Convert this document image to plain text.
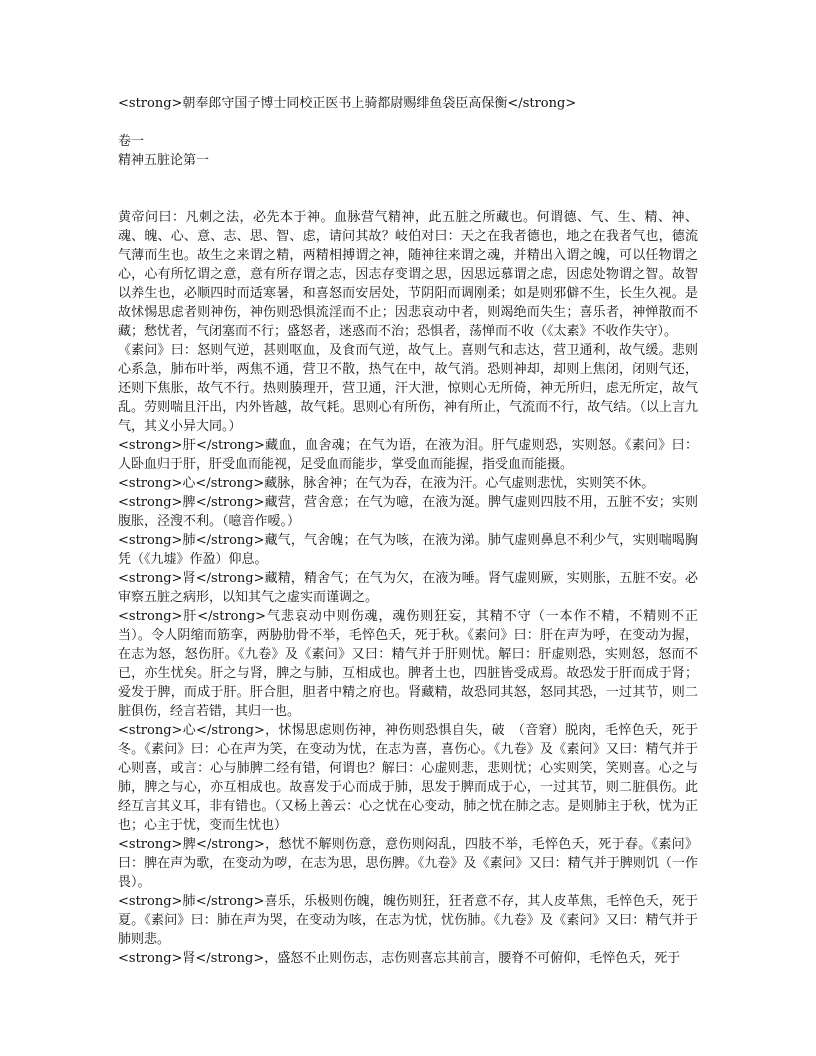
<strong>朝奉郎守国子博士同校正医书上骑都尉赐绯鱼袋臣高保衡</strong>

卷一

精神五脏论第一

黄帝问曰：凡刺之法，必先本于神。血脉营气精神，此五脏之所藏也。何谓德、气、生、精、神、魂、魄、心、意、志、思、智、虑，请问其故？岐伯对曰：天之在我者德也，地之在我者气也，德流气薄而生也。故生之来谓之精，两精相搏谓之神，随神往来谓之魂，并精出入谓之魄，可以任物谓之心，心有所忆谓之意，意有所存谓之志，因志存变谓之思，因思远慕谓之虑，因虑处物谓之智。故智以养生也，必顺四时而适寒暑，和喜怒而安居处，节阴阳而调刚柔；如是则邪僻不生，长生久视。是故怵惕思虑者则神伤，神伤则恐惧流淫而不止；因悲哀动中者，则竭绝而失生；喜乐者，神惮散而不藏；愁忧者，气闭塞而不行；盛怒者，迷惑而不治；恐惧者，荡惮而不收（《太素》不收作失守）。

《素问》曰：怒则气逆，甚则呕血，及食而气逆，故气上。喜则气和志达，营卫通利，故气缓。悲则心系急，肺布叶举，两焦不通，营卫不散，热气在中，故气消。恐则神却，却则上焦闭，闭则气还，还则下焦胀，故气不行。热则腠理开，营卫通，汗大泄，惊则心无所倚，神无所归，虑无所定，故气乱。劳则喘且汗出，内外皆越，故气耗。思则心有所伤，神有所止，气流而不行，故气结。（以上言九气，其义小异大同。）

<strong>肝</strong>藏血，血舍魂；在气为语，在液为泪。肝气虚则恐，实则怒。《素问》曰：人卧血归于肝，肝受血而能视，足受血而能步，掌受血而能握，指受血而能摄。

<strong>心</strong>藏脉，脉舍神；在气为吞，在液为汗。心气虚则悲忧，实则笑不休。

<strong>脾</strong>藏营，营舍意；在气为噫，在液为涎。脾气虚则四肢不用，五脏不安；实则腹胀，泾溲不利。（噫音作嗳。）

<strong>肺</strong>藏气，气舍魄；在气为咳，在液为涕。肺气虚则鼻息不利少气，实则喘喝胸凭（《九墟》作盈）仰息。

<strong>肾</strong>藏精，精舍气；在气为欠，在液为唾。肾气虚则厥，实则胀，五脏不安。必审察五脏之病形，以知其气之虚实而谨调之。

<strong>肝</strong>气悲哀动中则伤魂，魂伤则狂妄，其精不守（一本作不精，不精则不正当）。令人阴缩而筋挛，两胁肋骨不举，毛悴色夭，死于秋。《素问》曰：肝在声为呼，在变动为握，在志为怒，怒伤肝。《九卷》及《素问》又曰：精气并于肝则忧。解曰：肝虚则恐，实则怒，怒而不已，亦生忧矣。肝之与肾，脾之与肺，互相成也。脾者土也，四脏皆受成焉。故恐发于肝而成于肾；爱发于脾，而成于肝。肝合胆，胆者中精之府也。肾藏精，故恐同其怒，怒同其恐，一过其节，则二脏俱伤，经言若错，其归一也。

<strong>心</strong>，怵惕思虑则伤神，神伤则恐惧自失，破　（音窘）脱肉，毛悴色夭，死于冬。《素问》曰：心在声为笑，在变动为忧，在志为喜，喜伤心。《九卷》及《素问》又曰：精气并于心则喜，或言：心与肺脾二经有错，何谓也？解曰：心虚则悲，悲则忧；心实则笑，笑则喜。心之与肺，脾之与心，亦互相成也。故喜发于心而成于肺，思发于脾而成于心，一过其节，则二脏俱伤。此经互言其义耳，非有错也。（又杨上善云：心之忧在心变动，肺之忧在肺之志。是则肺主于秋，忧为正也；心主于忧，变而生忧也）

<strong>脾</strong>，愁忧不解则伤意，意伤则闷乱，四肢不举，毛悴色夭，死于春。《素问》曰：脾在声为歌，在变动为哕，在志为思，思伤脾。《九卷》及《素问》又曰：精气并于脾则饥（一作畏）。

<strong>肺</strong>喜乐，乐极则伤魄，魄伤则狂，狂者意不存，其人皮革焦，毛悴色夭，死于夏。《素问》曰：肺在声为哭，在变动为咳，在志为忧，忧伤肺。《九卷》及《素问》又曰：精气并于肺则悲。

<strong>肾</strong>，盛怒不止则伤志，志伤则喜忘其前言，腰脊不可俯仰，毛悴色夭，死于
